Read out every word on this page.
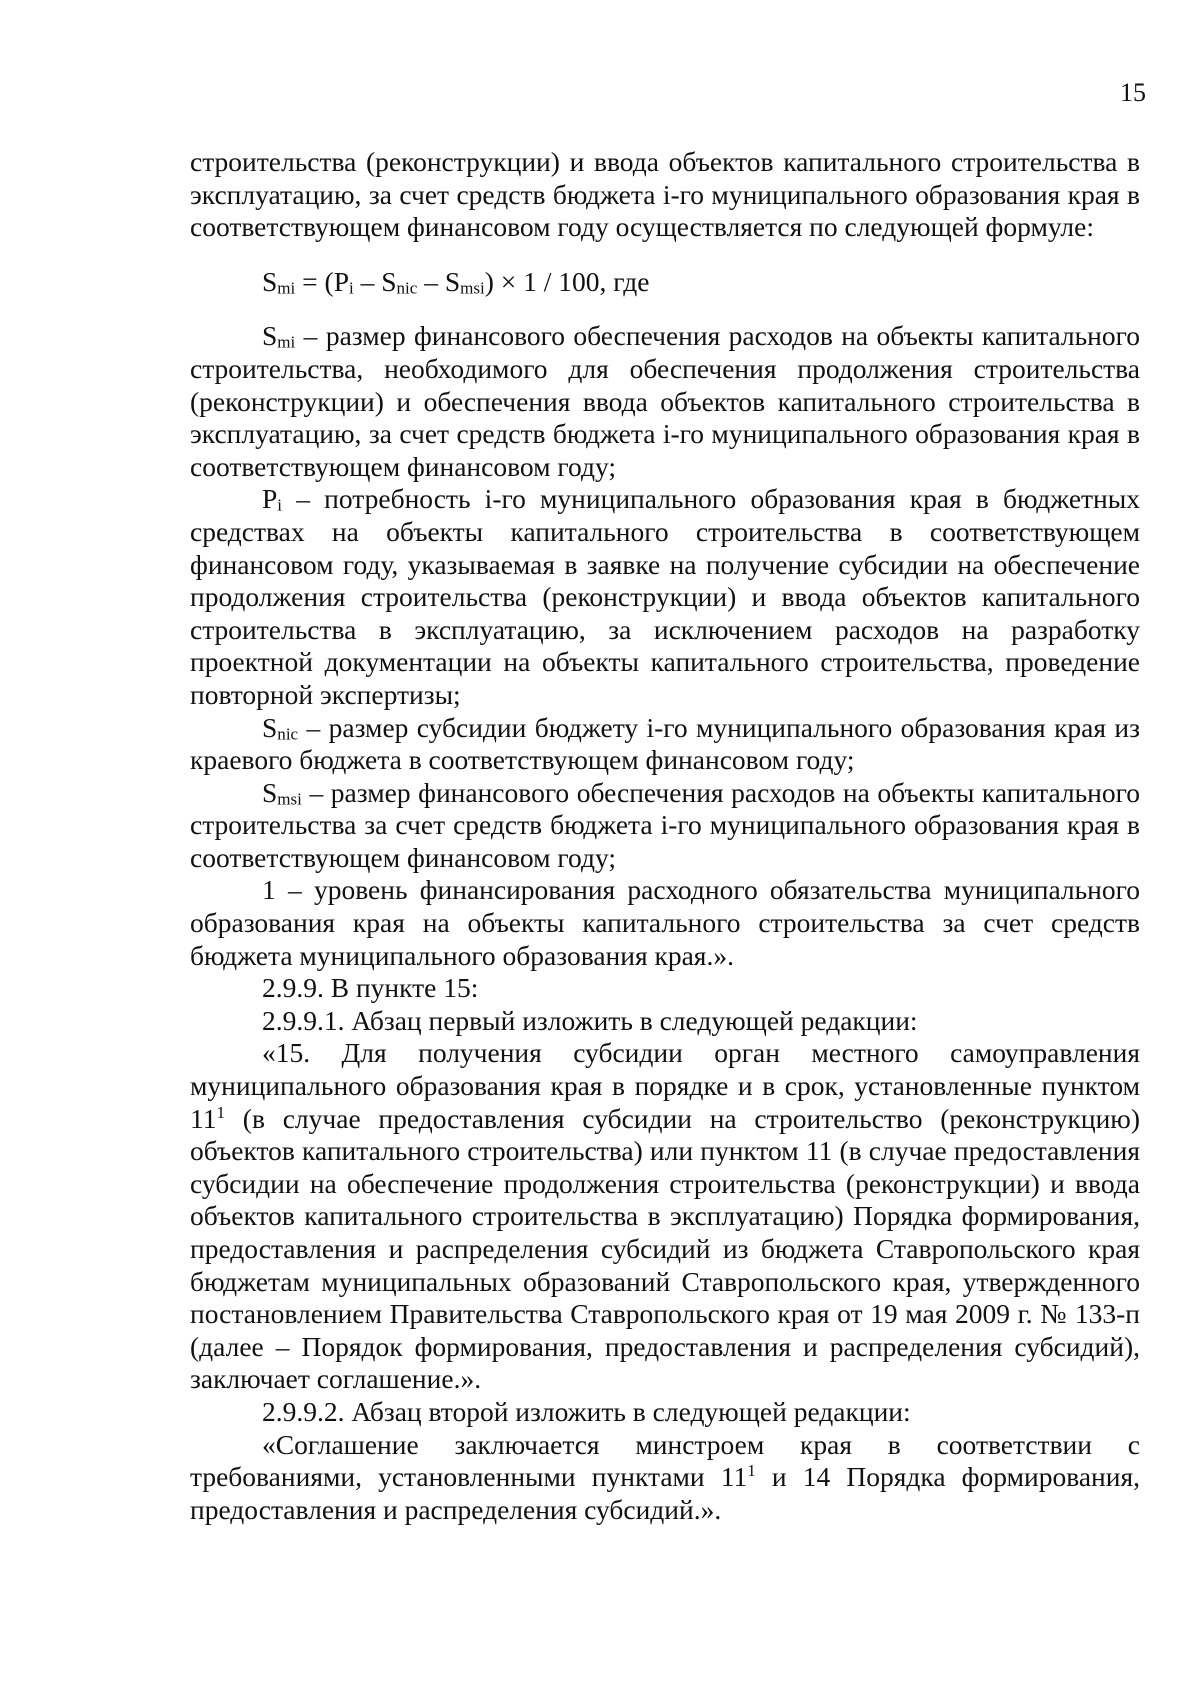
15

строительства (реконструкции) и ввода объектов капитального строительства в эксплуатацию, за счет средств бюджета i-го муниципального образования края в соответствующем финансовом году осуществляется по следующей формуле:

$S_{mi} = (P_i - S_{nic} - S_{msi}) \times 1 / 100$, где

$S_{mi}$ – размер финансового обеспечения расходов на объекты капитального строительства, необходимого для обеспечения продолжения строительства (реконструкции) и обеспечения ввода объектов капитального строительства в эксплуатацию, за счет средств бюджета i-го муниципального образования края в соответствующем финансовом году;

$P_i$ – потребность i-го муниципального образования края в бюджетных средствах на объекты капитального строительства в соответствующем финансовом году, указываемая в заявке на получение субсидии на обеспечение продолжения строительства (реконструкции) и ввода объектов капитального строительства в эксплуатацию, за исключением расходов на разработку проектной документации на объекты капитального строительства, проведение повторной экспертизы;

$S_{nic}$ – размер субсидии бюджету i-го муниципального образования края из краевого бюджета в соответствующем финансовом году;

$S_{msi}$ – размер финансового обеспечения расходов на объекты капитального строительства за счет средств бюджета i-го муниципального образования края в соответствующем финансовом году;

1 – уровень финансирования расходного обязательства муниципального образования края на объекты капитального строительства за счет средств бюджета муниципального образования края.».

2.9.9. В пункте 15:

2.9.9.1. Абзац первый изложить в следующей редакции:

«15. Для получения субсидии орган местного самоуправления муниципального образования края в порядке и в срок, установленные пунктом $11^1$ (в случае предоставления субсидии на строительство (реконструкцию) объектов капитального строительства) или пунктом 11 (в случае предоставления субсидии на обеспечение продолжения строительства (реконструкции) и ввода объектов капитального строительства в эксплуатацию) Порядка формирования, предоставления и распределения субсидий из бюджета Ставропольского края бюджетам муниципальных образований Ставропольского края, утвержденного постановлением Правительства Ставропольского края от 19 мая 2009 г. № 133-п (далее – Порядок формирования, предоставления и распределения субсидий), заключает соглашение.».

2.9.9.2. Абзац второй изложить в следующей редакции:

«Соглашение заключается минстроем края в соответствии с требованиями, установленными пунктами $11^1$ и 14 Порядка формирования, предоставления и распределения субсидий.».
